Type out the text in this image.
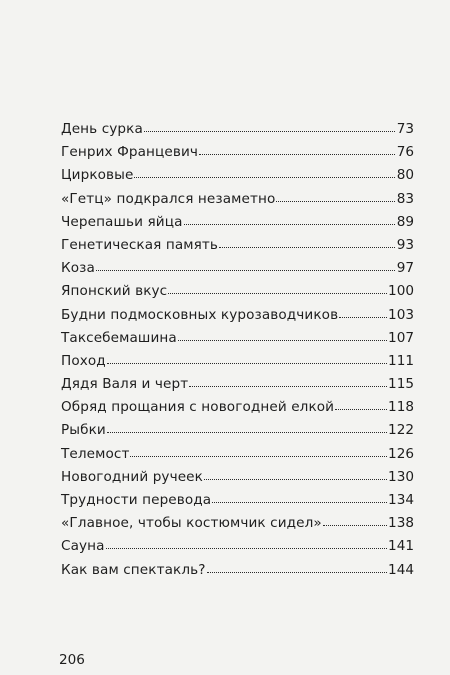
День сурка	73
Генрих Францевич	76
Цирковые	80
«Гетц» подкрался незаметно	83
Черепашьи яйца	89
Генетическая память	93
Коза	97
Японский вкус	100
Будни подмосковных курозаводчиков	103
Таксебемашина	107
Поход	111
Дядя Валя и черт	115
Обряд прощания с новогодней елкой	118
Рыбки	122
Телемост	126
Новогодний ручеек	130
Трудности перевода	134
«Главное, чтобы костюмчик сидел»	138
Сауна	141
Как вам спектакль?	144
206
